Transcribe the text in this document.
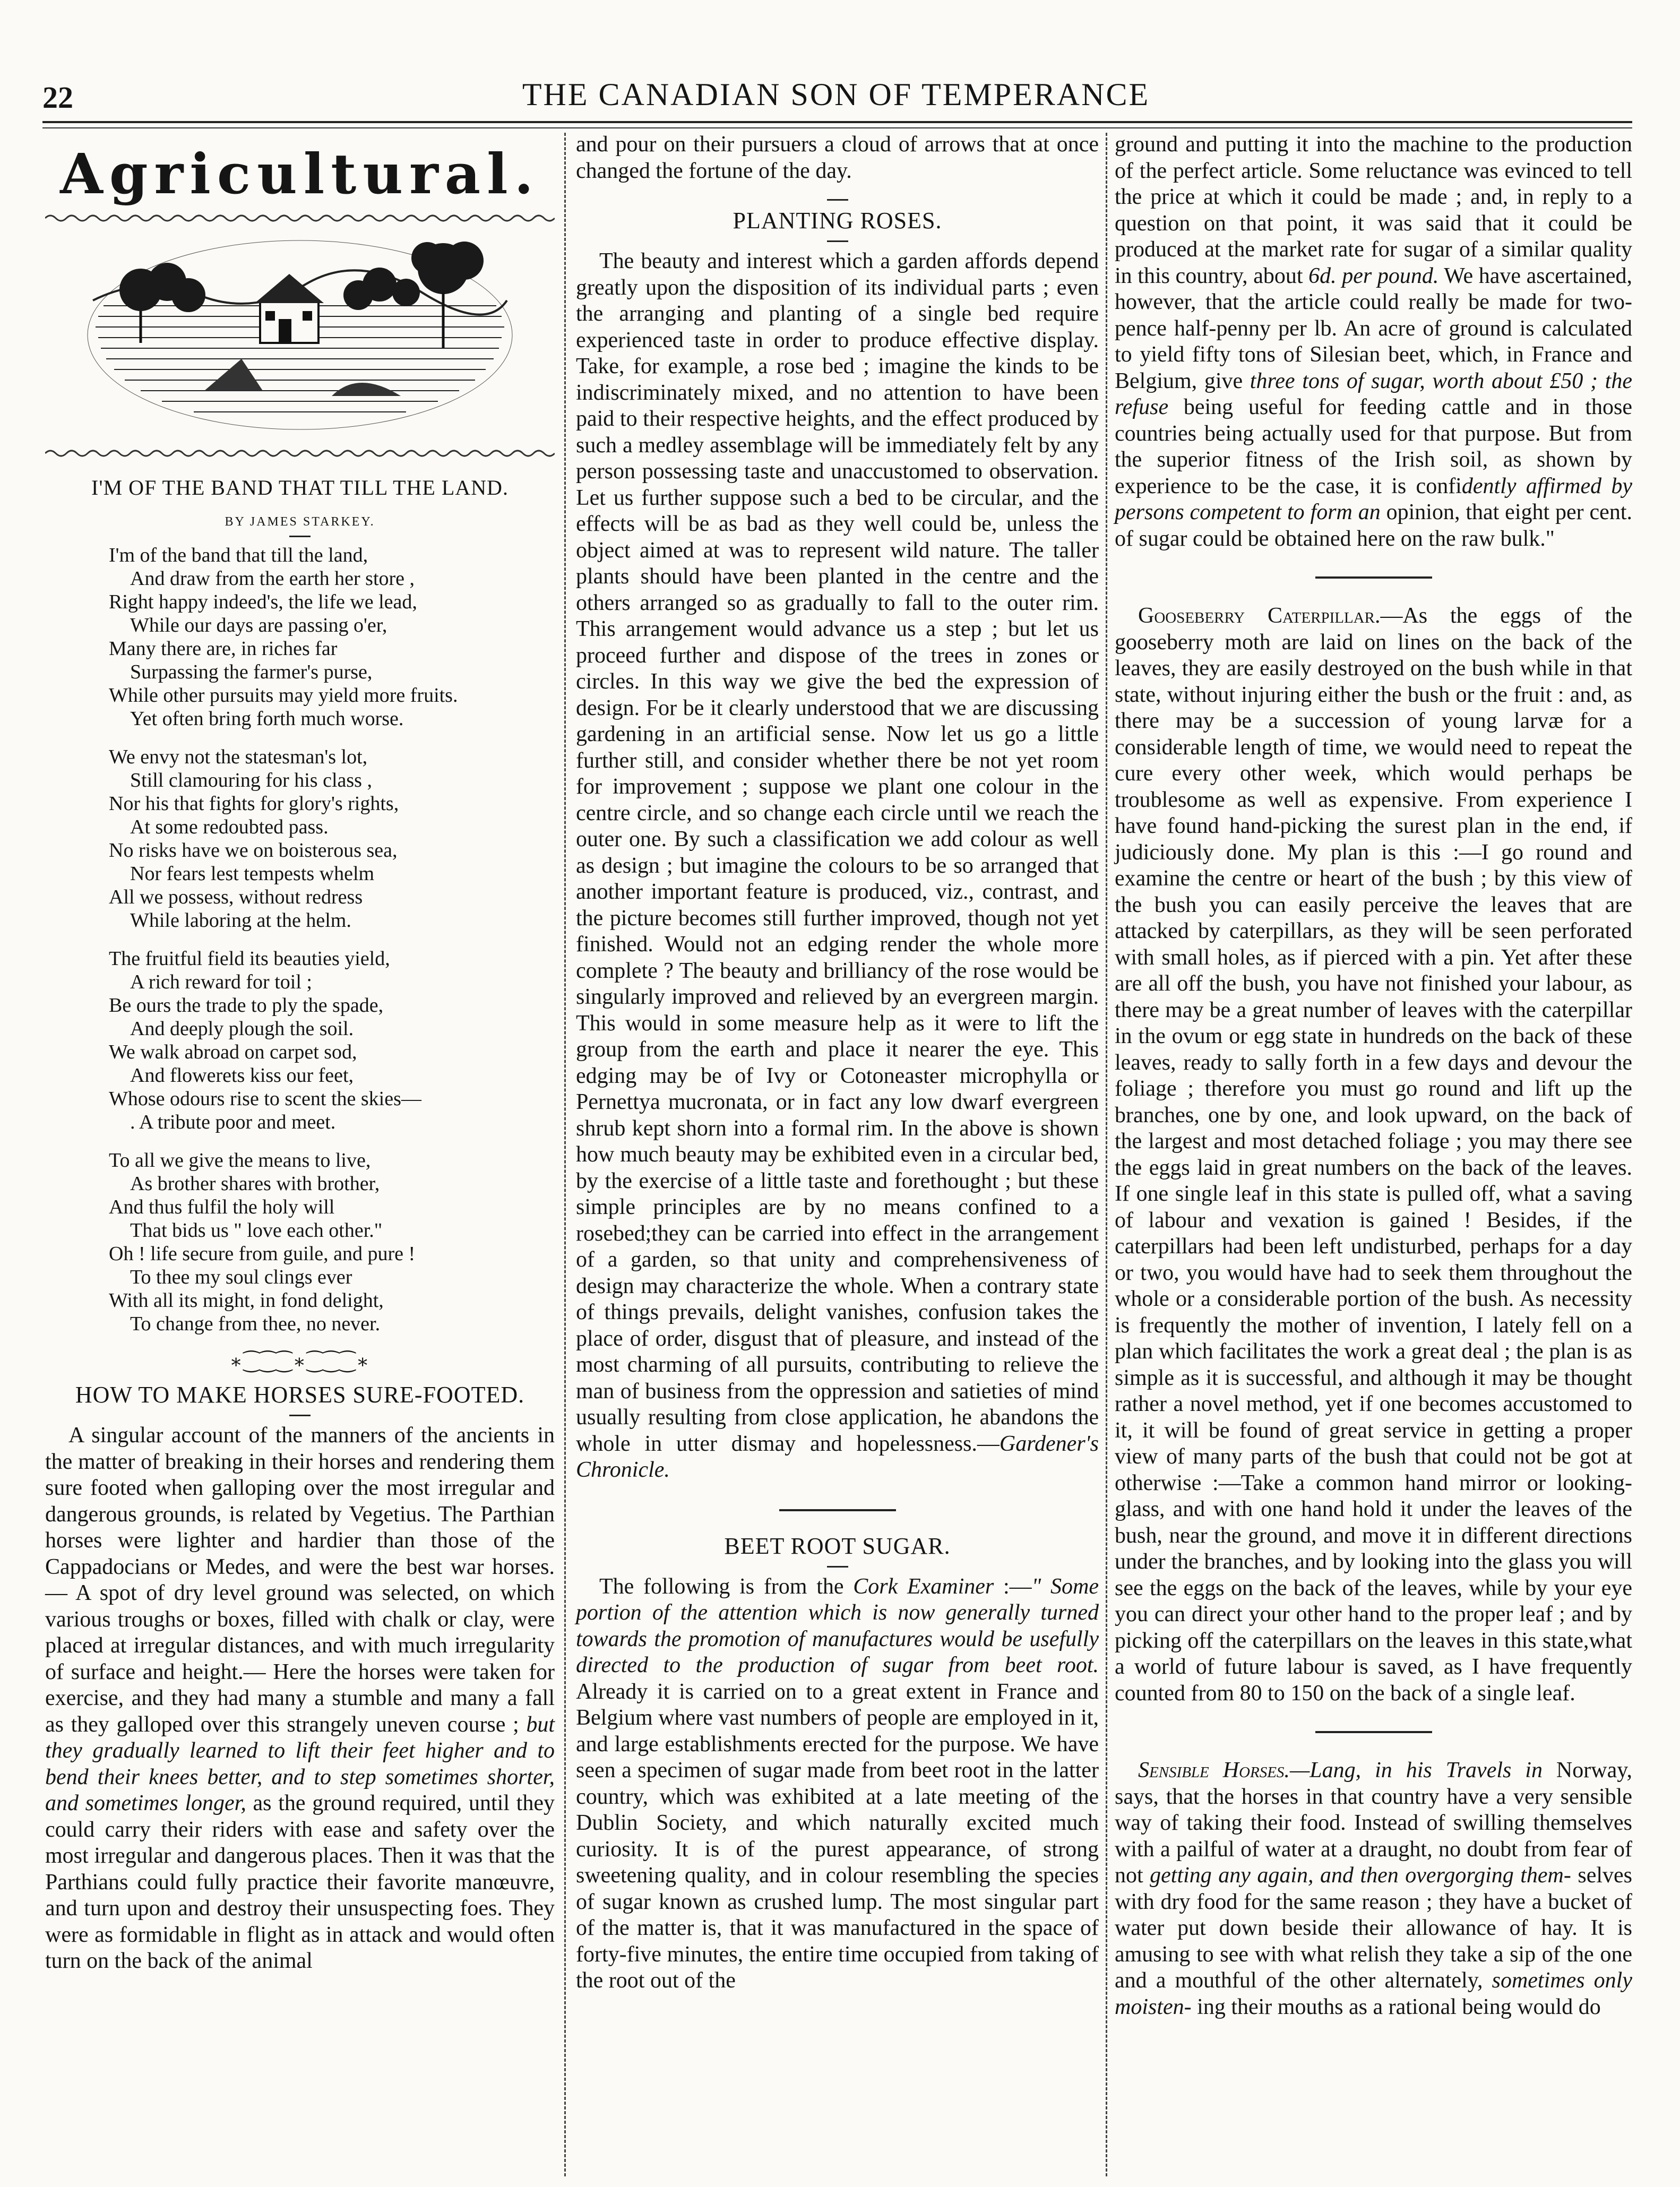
22	THE CANADIAN SON OF TEMPERANCE
Agricultural.
I'M OF THE BAND THAT TILL THE LAND.
BY JAMES STARKEY.
I'm of the band that till the land,
And draw from the earth her store ,
Right happy indeed's, the life we lead,
While our days are passing o'er,
Many there are, in riches far
Surpassing the farmer's purse,
While other pursuits may yield more fruits.
Yet often bring forth much worse.
We envy not the statesman's lot,
Still clamouring for his class ,
Nor his that fights for glory's rights,
At some redoubted pass.
No risks have we on boisterous sea,
Nor fears lest tempests whelm
All we possess, without redress
While laboring at the helm.
The fruitful field its beauties yield,
A rich reward for toil ;
Be ours the trade to ply the spade,
And deeply plough the soil.
We walk abroad on carpet sod,
And flowerets kiss our feet,
Whose odours rise to scent the skies—
. A tribute poor and meet.
To all we give the means to live,
As brother shares with brother,
And thus fulfil the holy will
That bids us " love each other."
Oh ! life secure from guile, and pure !
To thee my soul clings ever
With all its might, in fond delight,
To change from thee, no never.
∗⁐⁐⁐∗⁐⁐⁐∗
HOW TO MAKE HORSES SURE-FOOTED.

A singular account of the manners of the ancients in the matter of breaking in their horses and rendering them sure footed when galloping over the most irregular and dangerous grounds, is related by Vegetius. The Parthian horses were lighter and hardier than those of the Cappadocians or Medes, and were the best war horses.— A spot of dry level ground was selected, on which various troughs or boxes, filled with chalk or clay, were placed at irregular distances, and with much irregularity of surface and height.— Here the horses were taken for exercise, and they had many a stumble and many a fall as they galloped over this strangely uneven course ; but they gradually learned to lift their feet higher and to bend their knees better, and to step sometimes shorter, and sometimes longer, as the ground required, until they could carry their riders with ease and safety over the most irregular and dangerous places. Then it was that the Parthians could fully practice their favorite manœuvre, and turn upon and destroy their unsuspecting foes. They were as formidable in flight as in attack and would often turn on the back of the animal

and pour on their pursuers a cloud of arrows that at once changed the fortune of the day.

PLANTING ROSES.

The beauty and interest which a garden affords depend greatly upon the disposition of its individual parts ; even the arranging and planting of a single bed require experienced taste in order to produce effective display. Take, for example, a rose bed ; imagine the kinds to be indiscriminately mixed, and no attention to have been paid to their respective heights, and the effect produced by such a medley assemblage will be immediately felt by any person possessing taste and unaccustomed to observation. Let us further suppose such a bed to be circular, and the effects will be as bad as they well could be, unless the object aimed at was to represent wild nature. The taller plants should have been planted in the centre and the others arranged so as gradually to fall to the outer rim. This arrangement would advance us a step ; but let us proceed further and dispose of the trees in zones or circles. In this way we give the bed the expression of design. For be it clearly understood that we are discussing gardening in an artificial sense. Now let us go a little further still, and consider whether there be not yet room for improvement ; suppose we plant one colour in the centre circle, and so change each circle until we reach the outer one. By such a classification we add colour as well as design ; but imagine the colours to be so arranged that another important feature is produced, viz., contrast, and the picture becomes still further improved, though not yet finished. Would not an edging render the whole more complete ? The beauty and brilliancy of the rose would be singularly improved and relieved by an evergreen margin. This would in some measure help as it were to lift the group from the earth and place it nearer the eye. This edging may be of Ivy or Cotoneaster microphylla or Pernettya mucronata, or in fact any low dwarf evergreen shrub kept shorn into a formal rim. In the above is shown how much beauty may be exhibited even in a circular bed, by the exercise of a little taste and forethought ; but these simple principles are by no means confined to a rosebed;they can be carried into effect in the arrangement of a garden, so that unity and comprehensiveness of design may characterize the whole. When a contrary state of things prevails, delight vanishes, confusion takes the place of order, disgust that of pleasure, and instead of the most charming of all pursuits, contributing to relieve the man of business from the oppression and satieties of mind usually resulting from close application, he abandons the whole in utter dismay and hopelessness.—Gardener's Chronicle.

BEET ROOT SUGAR.

The following is from the Cork Examiner :—" Some portion of the attention which is now generally turned towards the promotion of manufactures would be usefully directed to the production of sugar from beet root. Already it is carried on to a great extent in France and Belgium where vast numbers of people are employed in it, and large establishments erected for the purpose. We have seen a specimen of sugar made from beet root in the latter country, which was exhibited at a late meeting of the Dublin Society, and which naturally excited much curiosity. It is of the purest appearance, of strong sweetening quality, and in colour resembling the species of sugar known as crushed lump. The most singular part of the matter is, that it was manufactured in the space of forty-five minutes, the entire time occupied from taking of the root out of the

ground and putting it into the machine to the production of the perfect article. Some reluctance was evinced to tell the price at which it could be made ; and, in reply to a question on that point, it was said that it could be produced at the market rate for sugar of a similar quality in this country, about 6d. per pound. We have ascertained, however, that the article could really be made for two-pence half-penny per lb. An acre of ground is calculated to yield fifty tons of Silesian beet, which, in France and Belgium, give three tons of sugar, worth about £50 ; the refuse being useful for feeding cattle and in those countries being actually used for that purpose. But from the superior fitness of the Irish soil, as shown by experience to be the case, it is confidently affirmed by persons competent to form an opinion, that eight per cent. of sugar could be obtained here on the raw bulk."

Gooseberry Caterpillar.—As the eggs of the gooseberry moth are laid on lines on the back of the leaves, they are easily destroyed on the bush while in that state, without injuring either the bush or the fruit : and, as there may be a succession of young larvæ for a considerable length of time, we would need to repeat the cure every other week, which would perhaps be troublesome as well as expensive. From experience I have found hand-picking the surest plan in the end, if judiciously done. My plan is this :—I go round and examine the centre or heart of the bush ; by this view of the bush you can easily perceive the leaves that are attacked by caterpillars, as they will be seen perforated with small holes, as if pierced with a pin. Yet after these are all off the bush, you have not finished your labour, as there may be a great number of leaves with the caterpillar in the ovum or egg state in hundreds on the back of these leaves, ready to sally forth in a few days and devour the foliage ; therefore you must go round and lift up the branches, one by one, and look upward, on the back of the largest and most detached foliage ; you may there see the eggs laid in great numbers on the back of the leaves. If one single leaf in this state is pulled off, what a saving of labour and vexation is gained ! Besides, if the caterpillars had been left undisturbed, perhaps for a day or two, you would have had to seek them throughout the whole or a considerable portion of the bush. As necessity is frequently the mother of invention, I lately fell on a plan which facilitates the work a great deal ; the plan is as simple as it is successful, and although it may be thought rather a novel method, yet if one becomes accustomed to it, it will be found of great service in getting a proper view of many parts of the bush that could not be got at otherwise :—Take a common hand mirror or looking-glass, and with one hand hold it under the leaves of the bush, near the ground, and move it in different directions under the branches, and by looking into the glass you will see the eggs on the back of the leaves, while by your eye you can direct your other hand to the proper leaf ; and by picking off the caterpillars on the leaves in this state,what a world of future labour is saved, as I have frequently counted from 80 to 150 on the back of a single leaf.

Sensible Horses.—Lang, in his Travels in Norway, says, that the horses in that country have a very sensible way of taking their food. Instead of swilling themselves with a pailful of water at a draught, no doubt from fear of not getting any again, and then overgorging them- selves with dry food for the same reason ; they have a bucket of water put down beside their allowance of hay. It is amusing to see with what relish they take a sip of the one and a mouthful of the other alternately, sometimes only moisten- ing their mouths as a rational being would do
